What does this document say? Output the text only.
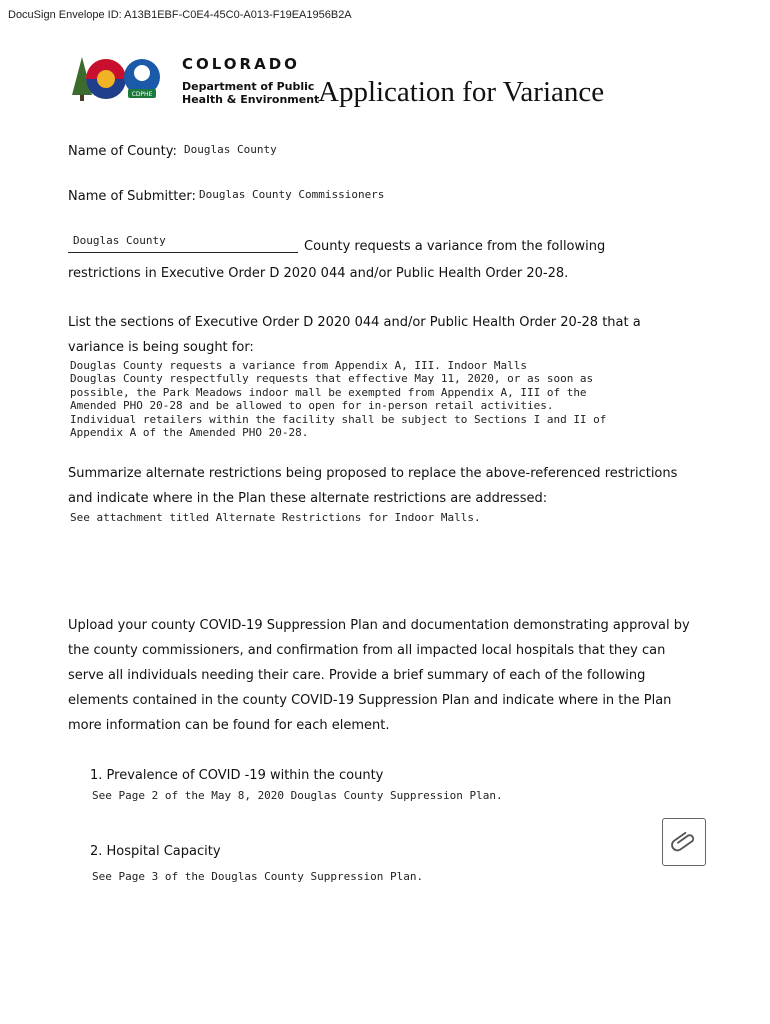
DocuSign Envelope ID: A13B1EBF-C0E4-45C0-A013-F19EA1956B2A
CDPHE
COLORADO
Department of Public
Health & Environment
Application for Variance
Name of County: Douglas County
Name of Submitter: Douglas County Commissioners
Douglas County	County requests a variance from the following
restrictions in Executive Order D 2020 044 and/or Public Health Order 20-28.
List the sections of Executive Order D 2020 044 and/or Public Health Order 20-28 that a
variance is being sought for:
Douglas County requests a variance from Appendix A, III. Indoor Malls
Douglas County respectfully requests that effective May 11, 2020, or as soon as
possible, the Park Meadows indoor mall be exempted from Appendix A, III of the
Amended PHO 20-28 and be allowed to open for in-person retail activities.
Individual retailers within the facility shall be subject to Sections I and II of
Appendix A of the Amended PHO 20-28.
Summarize alternate restrictions being proposed to replace the above-referenced restrictions
and indicate where in the Plan these alternate restrictions are addressed:
See attachment titled Alternate Restrictions for Indoor Malls.
Upload your county COVID-19 Suppression Plan and documentation demonstrating approval by
the county commissioners, and confirmation from all impacted local hospitals that they can
serve all individuals needing their care. Provide a brief summary of each of the following
elements contained in the county COVID-19 Suppression Plan and indicate where in the Plan
more information can be found for each element.
1. Prevalence of COVID -19 within the county
See Page 2 of the May 8, 2020 Douglas County Suppression Plan.
2. Hospital Capacity
See Page 3 of the Douglas County Suppression Plan.
